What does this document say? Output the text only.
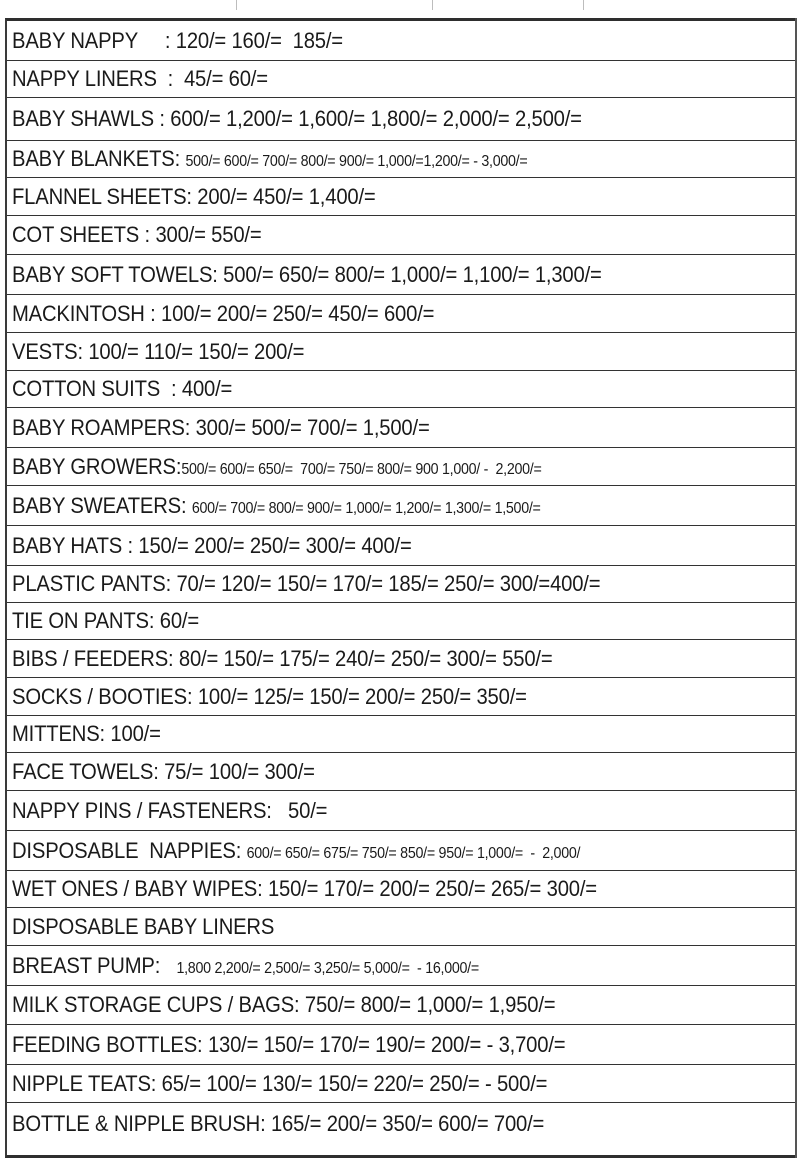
BABY NAPPY     : 120/= 160/=  185/=
NAPPY LINERS  : 45/= 60/=
BABY SHAWLS : 600/= 1,200/= 1,600/= 1,800/= 2,000/= 2,500/=
BABY BLANKETS: 500/= 600/= 700/= 800/= 900/= 1,000/=1,200/= - 3,000/=
FLANNEL SHEETS: 200/= 450/= 1,400/=
COT SHEETS : 300/= 550/=
BABY SOFT TOWELS: 500/= 650/= 800/= 1,000/= 1,100/= 1,300/=
MACKINTOSH : 100/= 200/= 250/= 450/= 600/=
VESTS: 100/= 110/= 150/= 200/=
COTTON SUITS  : 400/=
BABY ROAMPERS: 300/= 500/= 700/= 1,500/=
BABY GROWERS: 500/= 600/= 650/=  700/= 750/= 800/= 900 1,000/ -  2,200/=
BABY SWEATERS: 600/= 700/= 800/= 900/= 1,000/= 1,200/= 1,300/= 1,500/=
BABY HATS : 150/= 200/= 250/= 300/= 400/=
PLASTIC PANTS: 70/= 120/= 150/= 170/= 185/= 250/= 300/=400/=
TIE ON PANTS: 60/=
BIBS / FEEDERS: 80/= 150/= 175/= 240/= 250/= 300/= 550/=
SOCKS / BOOTIES: 100/= 125/= 150/= 200/= 250/= 350/=
MITTENS: 100/=
FACE TOWELS: 75/= 100/= 300/=
NAPPY PINS / FASTENERS: 50/=
DISPOSABLE  NAPPIES: 600/= 650/= 675/= 750/= 850/= 950/= 1,000/=  -  2,000/
WET ONES / BABY WIPES: 150/= 170/= 200/= 250/= 265/= 300/=
DISPOSABLE BABY LINERS
BREAST PUMP: 1,800 2,200/= 2,500/= 3,250/= 5,000/=  - 16,000/=
MILK STORAGE CUPS / BAGS: 750/= 800/= 1,000/= 1,950/=
FEEDING BOTTLES: 130/= 150/= 170/= 190/= 200/= - 3,700/=
NIPPLE TEATS: 65/= 100/= 130/= 150/= 220/= 250/= - 500/=
BOTTLE & NIPPLE BRUSH: 165/= 200/= 350/= 600/= 700/=
